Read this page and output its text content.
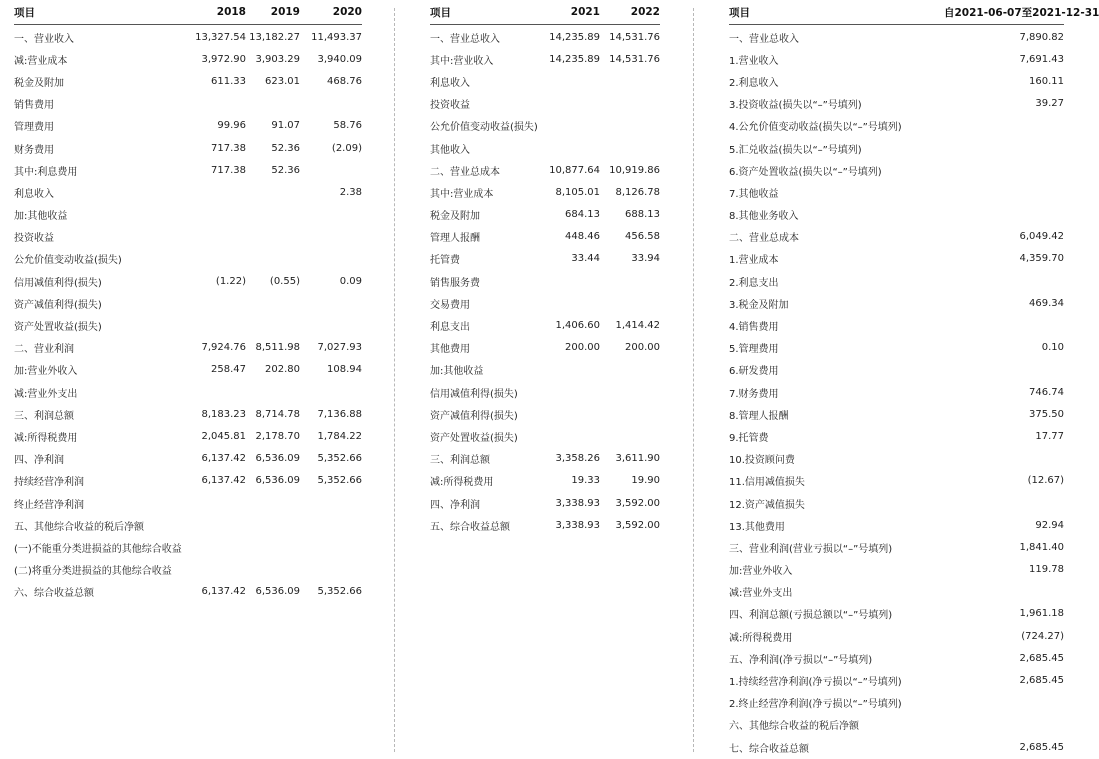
项目	2018	2019	2020
一、营业收入	13,327.54	13,182.27	11,493.37
减:营业成本	3,972.90	3,903.29	3,940.09
税金及附加	611.33	623.01	468.76
销售费用			
管理费用	99.96	91.07	58.76
财务费用	717.38	52.36	(2.09)
其中:利息费用	717.38	52.36	
利息收入			2.38
加:其他收益			
投资收益			
公允价值变动收益(损失)			
信用减值利得(损失)	(1.22)	(0.55)	0.09
资产减值利得(损失)			
资产处置收益(损失)			
二、营业利润	7,924.76	8,511.98	7,027.93
加:营业外收入	258.47	202.80	108.94
减:营业外支出			
三、利润总额	8,183.23	8,714.78	7,136.88
减:所得税费用	2,045.81	2,178.70	1,784.22
四、净利润	6,137.42	6,536.09	5,352.66
持续经营净利润	6,137.42	6,536.09	5,352.66
终止经营净利润			
五、其他综合收益的税后净额			
(一)不能重分类进损益的其他综合收益			
(二)将重分类进损益的其他综合收益			
六、综合收益总额	6,137.42	6,536.09	5,352.66
项目	2021	2022
一、营业总收入	14,235.89	14,531.76
其中:营业收入	14,235.89	14,531.76
利息收入		
投资收益		
公允价值变动收益(损失)		
其他收入		
二、营业总成本	10,877.64	10,919.86
其中:营业成本	8,105.01	8,126.78
税金及附加	684.13	688.13
管理人报酬	448.46	456.58
托管费	33.44	33.94
销售服务费		
交易费用		
利息支出	1,406.60	1,414.42
其他费用	200.00	200.00
加:其他收益		
信用减值利得(损失)		
资产减值利得(损失)		
资产处置收益(损失)		
三、利润总额	3,358.26	3,611.90
减:所得税费用	19.33	19.90
四、净利润	3,338.93	3,592.00
五、综合收益总额	3,338.93	3,592.00
项目	自2021-06-07至2021-12-31
一、营业总收入	7,890.82
1.营业收入	7,691.43
2.利息收入	160.11
3.投资收益(损失以“–”号填列)	39.27
4.公允价值变动收益(损失以“–”号填列)	
5.汇兑收益(损失以“–”号填列)	
6.资产处置收益(损失以“–”号填列)	
7.其他收益	
8.其他业务收入	
二、营业总成本	6,049.42
1.营业成本	4,359.70
2.利息支出	
3.税金及附加	469.34
4.销售费用	
5.管理费用	0.10
6.研发费用	
7.财务费用	746.74
8.管理人报酬	375.50
9.托管费	17.77
10.投资顾问费	
11.信用减值损失	(12.67)
12.资产减值损失	
13.其他费用	92.94
三、营业利润(营业亏损以“–”号填列)	1,841.40
加:营业外收入	119.78
减:营业外支出	
四、利润总额(亏损总额以“–”号填列)	1,961.18
减:所得税费用	(724.27)
五、净利润(净亏损以“–”号填列)	2,685.45
1.持续经营净利润(净亏损以“–”号填列)	2,685.45
2.终止经营净利润(净亏损以“–”号填列)	
六、其他综合收益的税后净额	
七、综合收益总额	2,685.45
